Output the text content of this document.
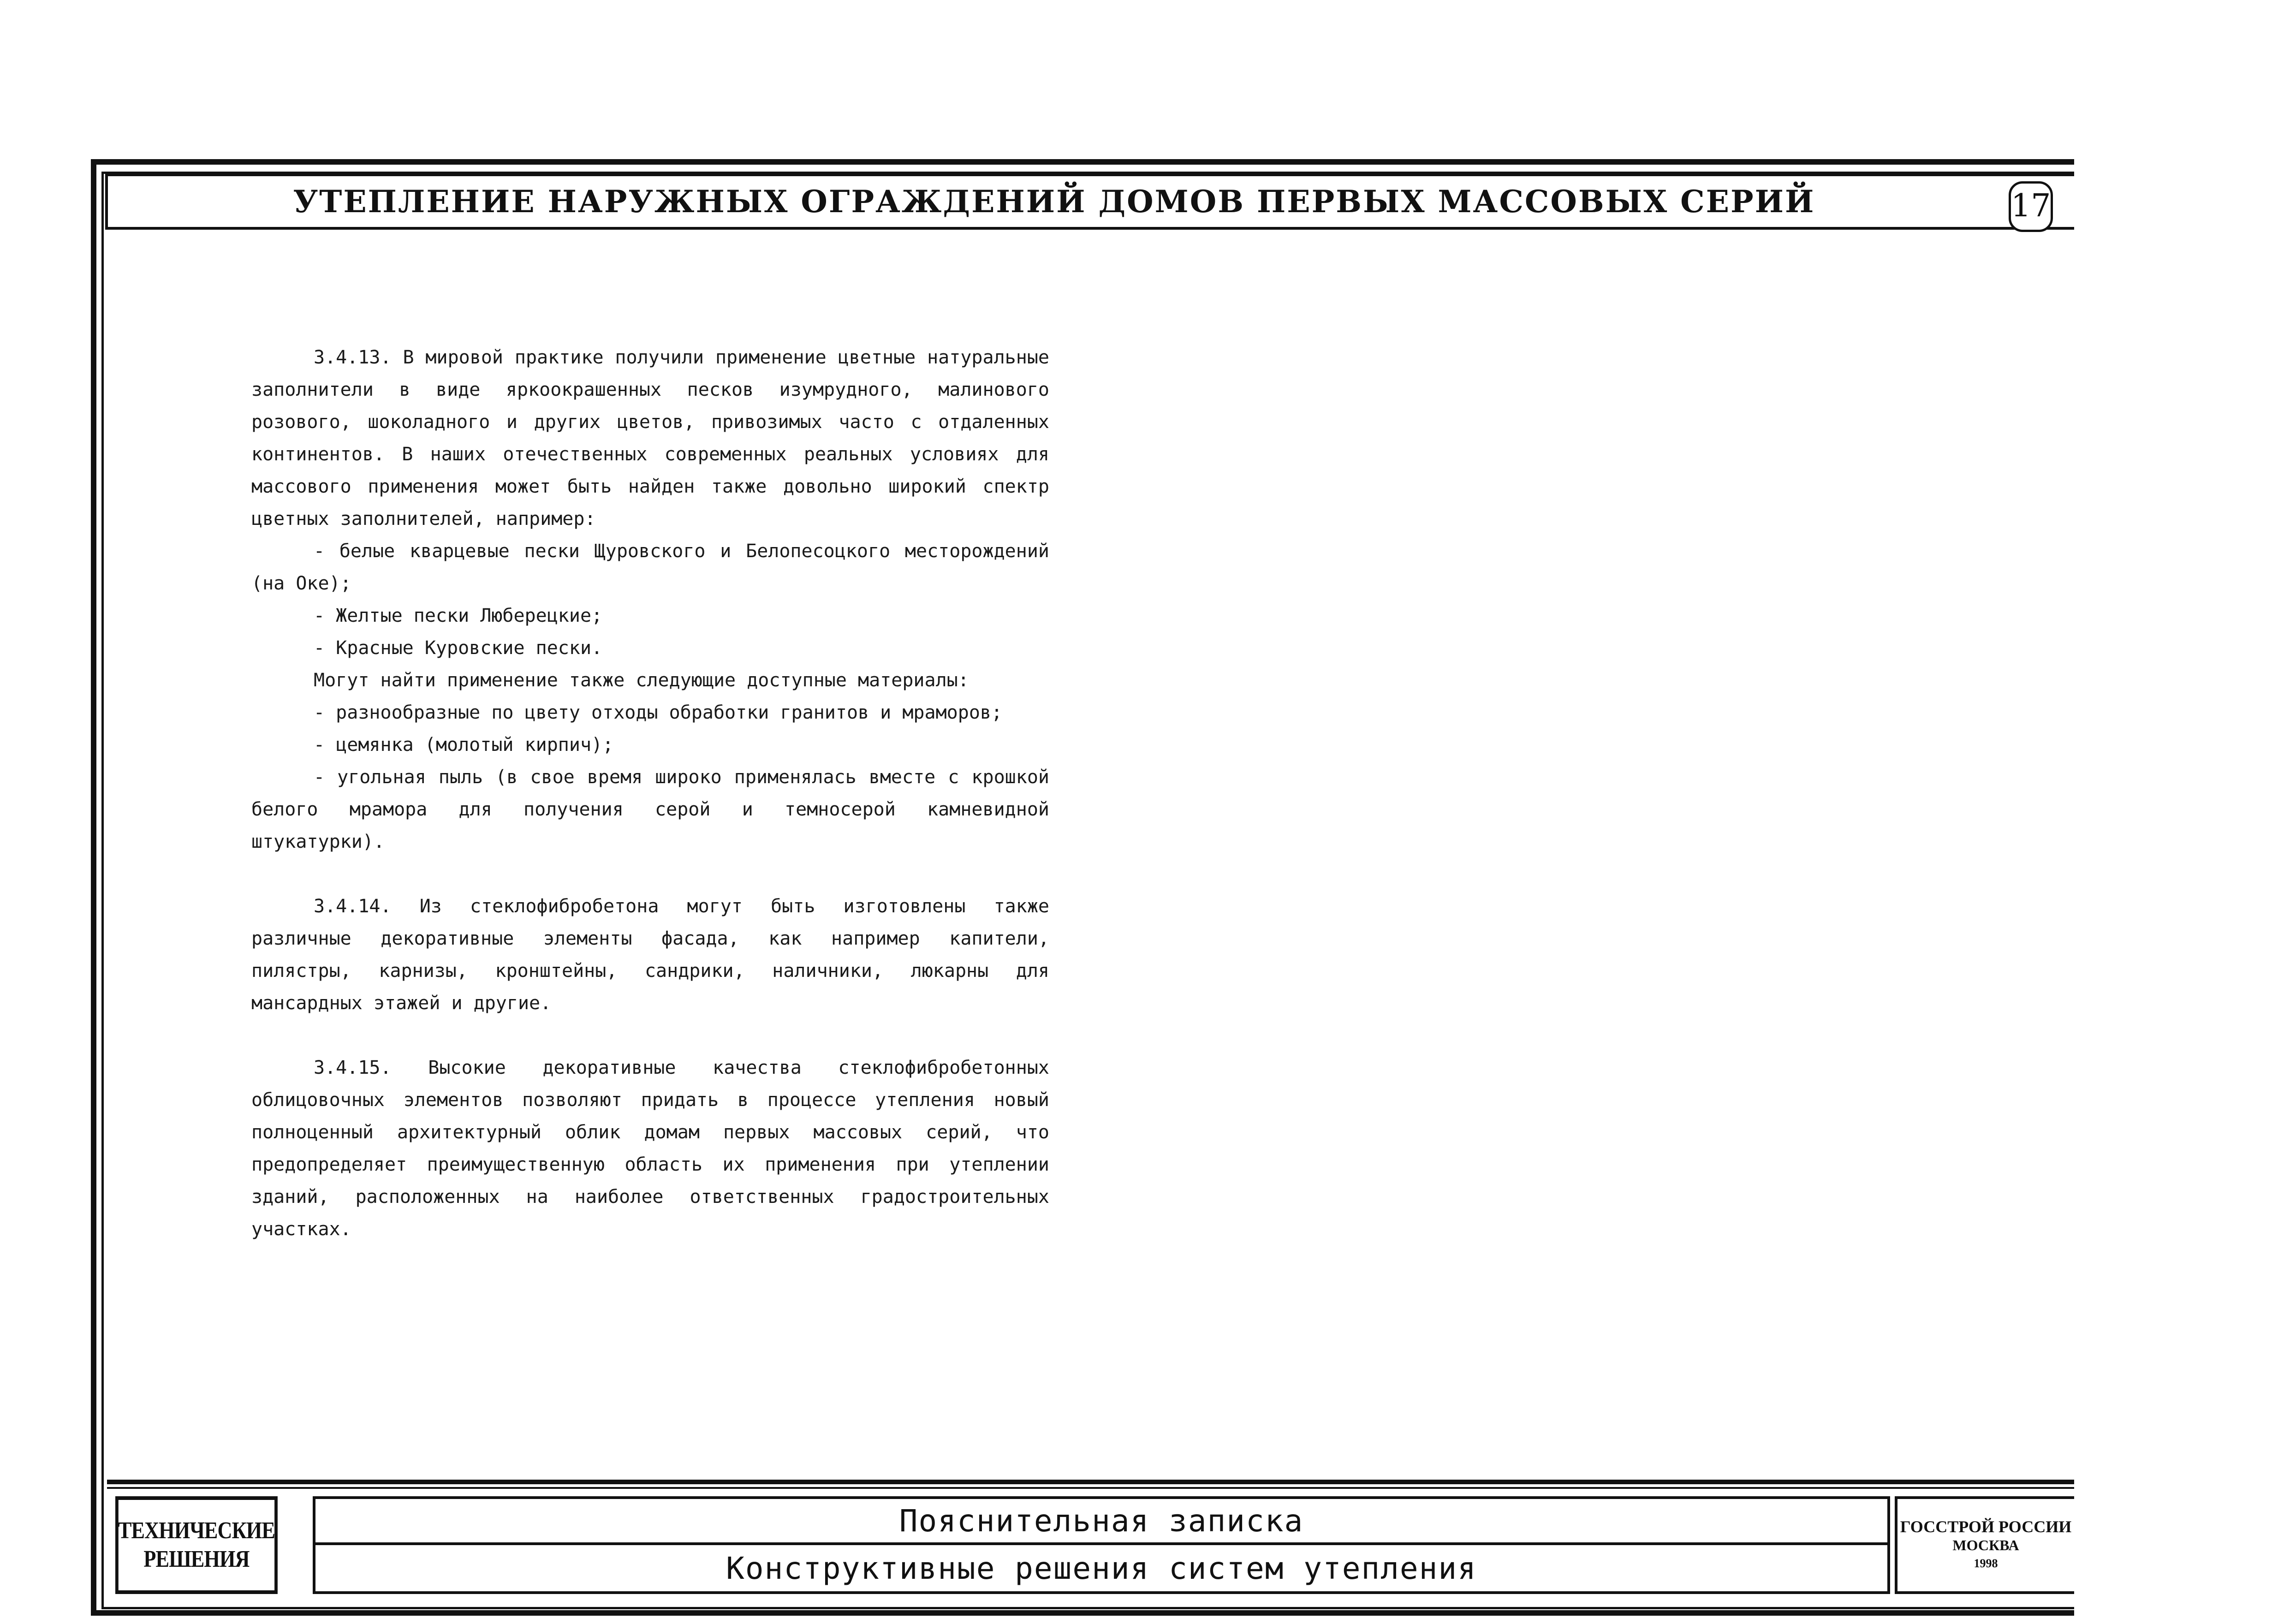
УТЕПЛЕНИЕ НАРУЖНЫХ ОГРАЖДЕНИЙ ДОМОВ ПЕРВЫХ МАССОВЫХ СЕРИЙ	17

3.4.13. В мировой практике получили применение цветные натуральные заполнители в виде яркоокрашенных песков изумрудного, малинового розового, шоколадного и других цветов, привозимых часто с отдаленных континентов. В наших отечественных современных реальных условиях для массового применения может быть найден также довольно широкий спектр цветных заполнителей, например:

- белые кварцевые пески Щуровского и Белопесоцкого месторождений (на Оке);

- Желтые пески Люберецкие;

- Красные Куровские пески.

Могут найти применение также следующие доступные материалы:

- разнообразные по цвету отходы обработки гранитов и мраморов;

- цемянка (молотый кирпич);

- угольная пыль (в свое время широко применялась вместе с крошкой белого мрамора для получения серой и темносерой камневидной штукатурки).

3.4.14. Из стеклофибробетона могут быть изготовлены также различные декоративные элементы фасада, как например капители, пилястры, карнизы, кронштейны, сандрики, наличники, люкарны для мансардных этажей и другие.

3.4.15. Высокие декоративные качества стеклофибробетонных облицовочных элементов позволяют придать в процессе утепления новый полноценный архитектурный облик домам первых массовых серий, что предопределяет преимущественную область их применения при утеплении зданий, расположенных на наиболее ответственных градостроительных участках.

ТЕХНИЧЕСКИЕ
РЕШЕНИЯ
Пояснительная записка
Конструктивные решения систем утепления
ГОССТРОЙ РОССИИ
МОСКВА
1998
